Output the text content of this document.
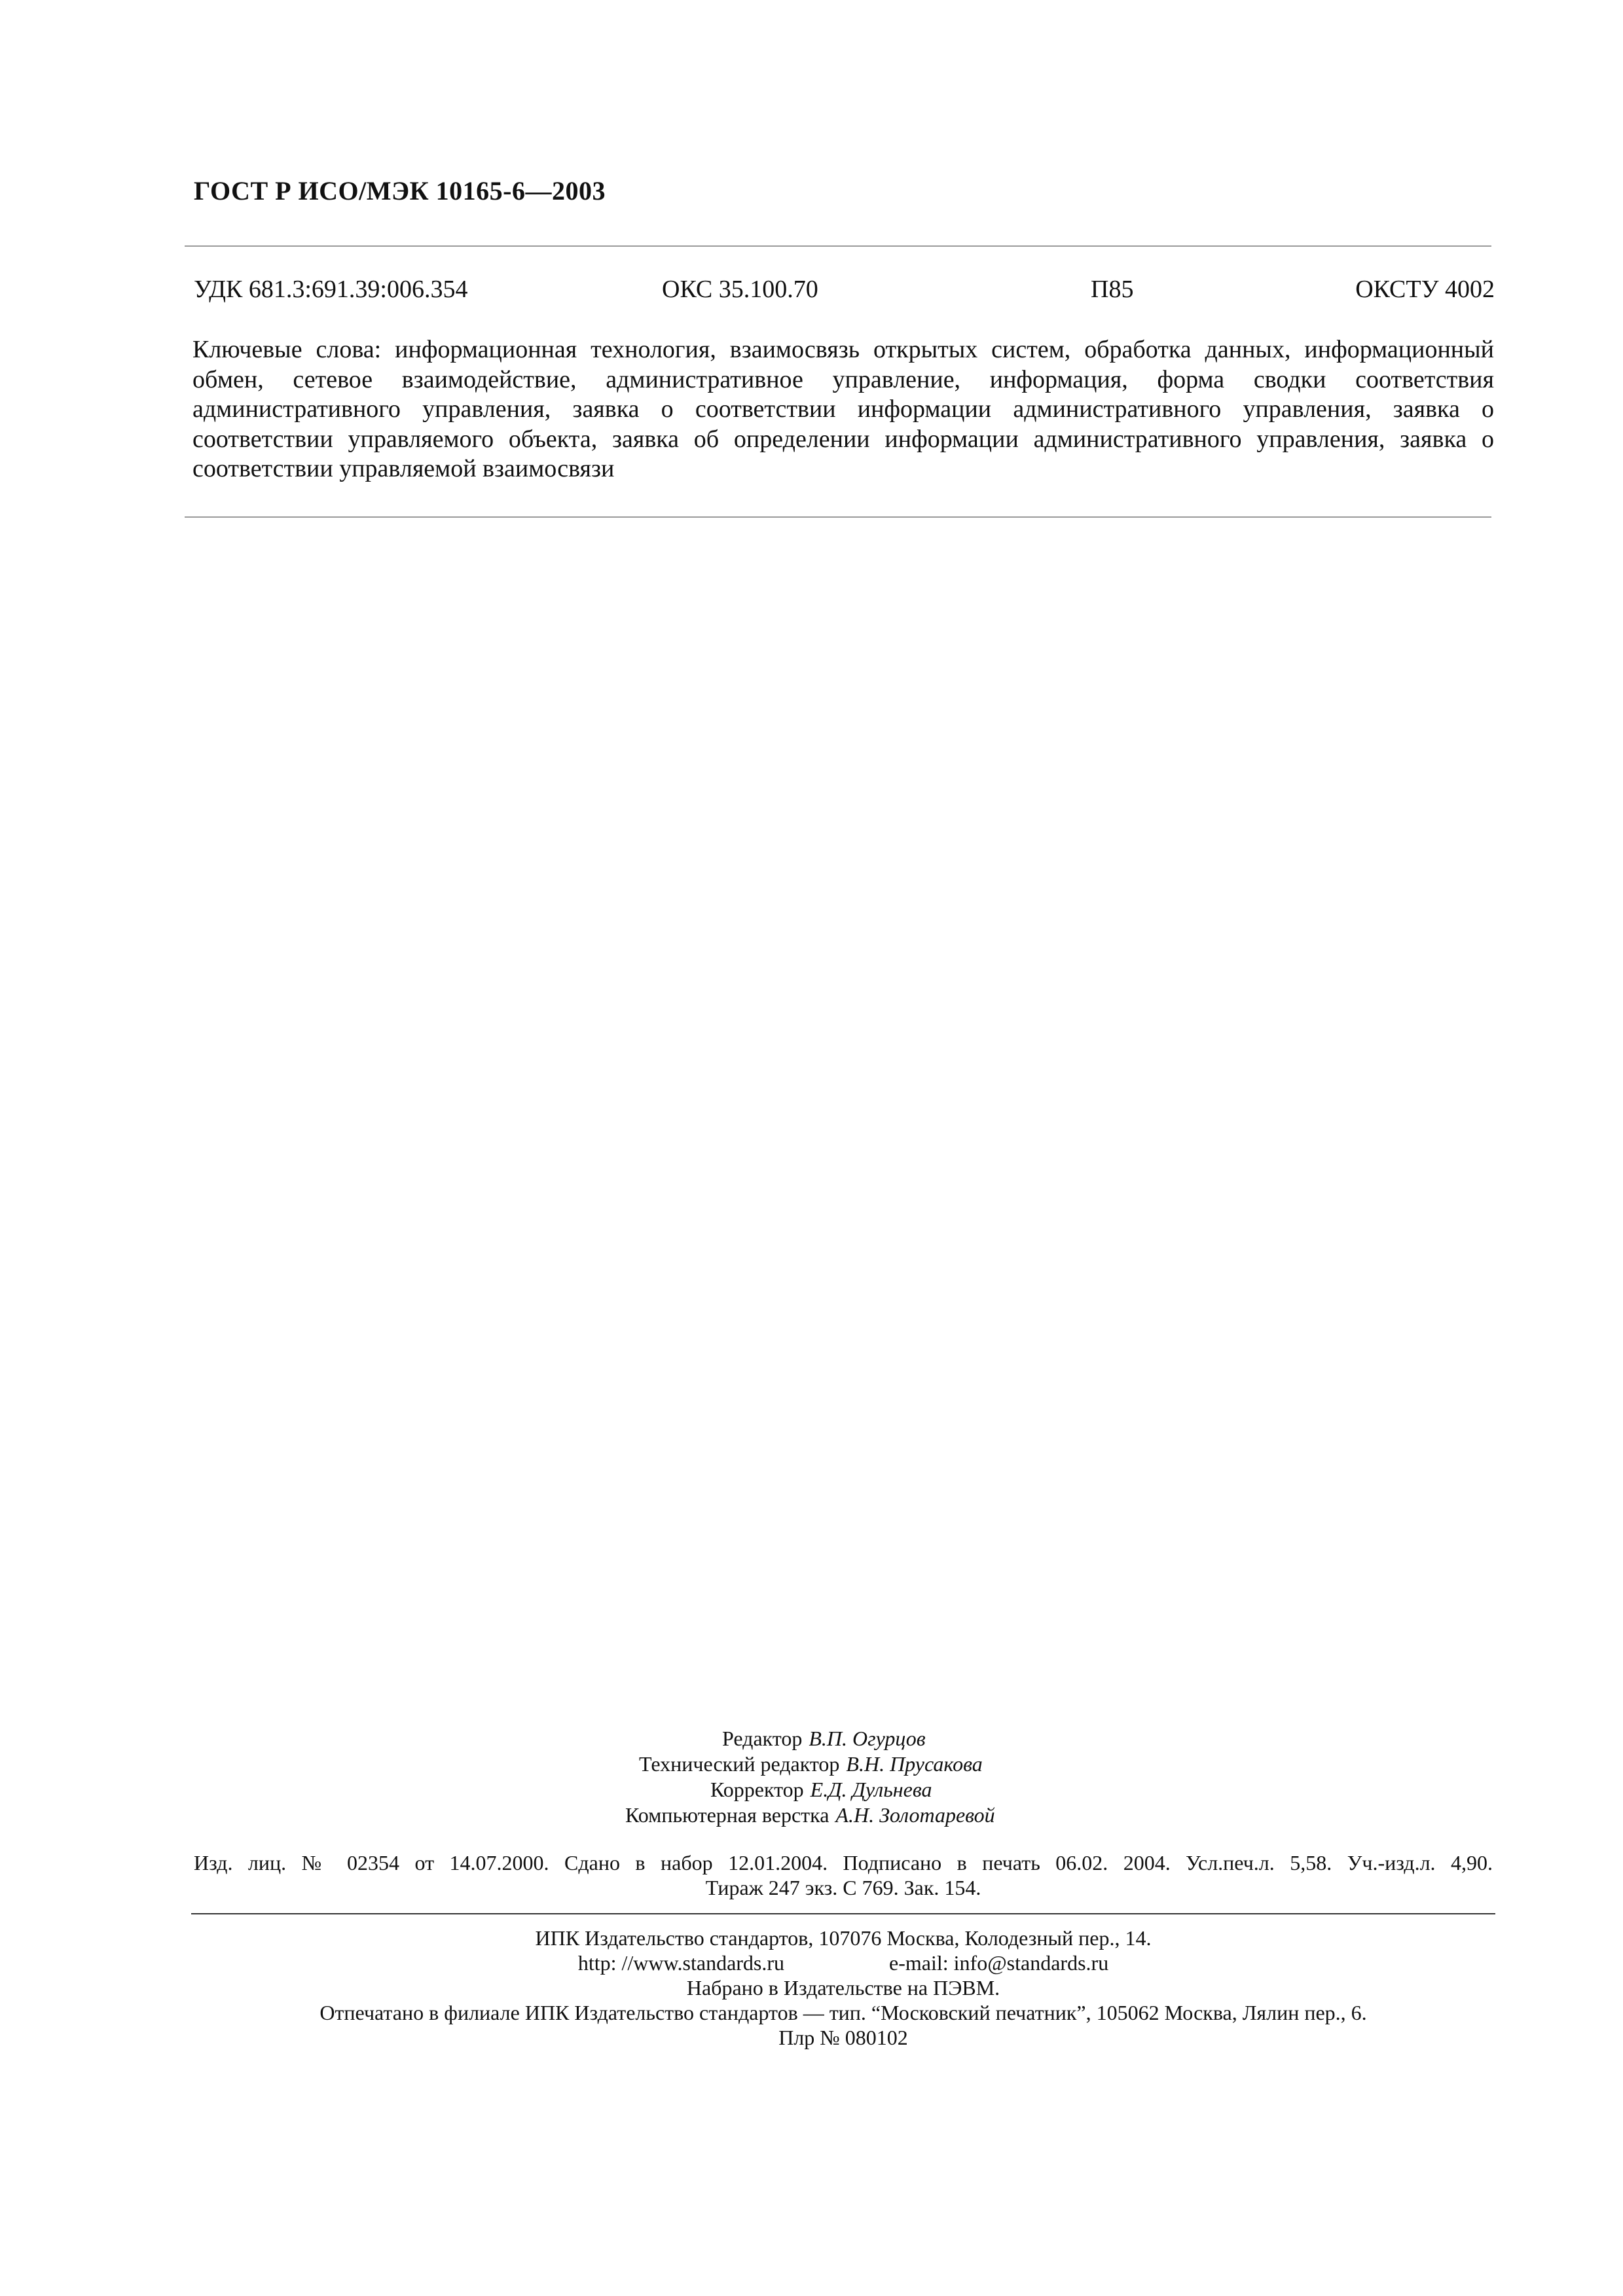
ГОСТ Р ИСО/МЭК 10165-6—2003
УДК 681.3:691.39:006.354	ОКС 35.100.70	П85	ОКСТУ 4002
Ключевые слова: информационная технология, взаимосвязь открытых систем, обработка данных, информационный обмен, сетевое взаимодействие, административное управление, информация, форма сводки соответствия административного управления, заявка о соответствии информации административного управления, заявка о соответствии управляемого объекта, заявка об определении информации административного управления, заявка о соответствии управляемой взаимосвязи
Редактор В.П. Огурцов
Технический редактор В.Н. Прусакова
Корректор Е.Д. Дульнева
Компьютерная верстка А.Н. Золотаревой
Изд. лиц. № 02354 от 14.07.2000. Сдано в набор 12.01.2004. Подписано в печать 06.02. 2004. Усл.печ.л. 5,58. Уч.-изд.л. 4,90.
Тираж 247 экз. С 769. Зак. 154.
ИПК Издательство стандартов, 107076 Москва, Колодезный пер., 14.
http: //www.standards.ru	e-mail: info@standards.ru
Набрано в Издательстве на ПЭВМ.
Отпечатано в филиале ИПК Издательство стандартов — тип. “Московский печатник”, 105062 Москва, Лялин пер., 6.
Плр № 080102
